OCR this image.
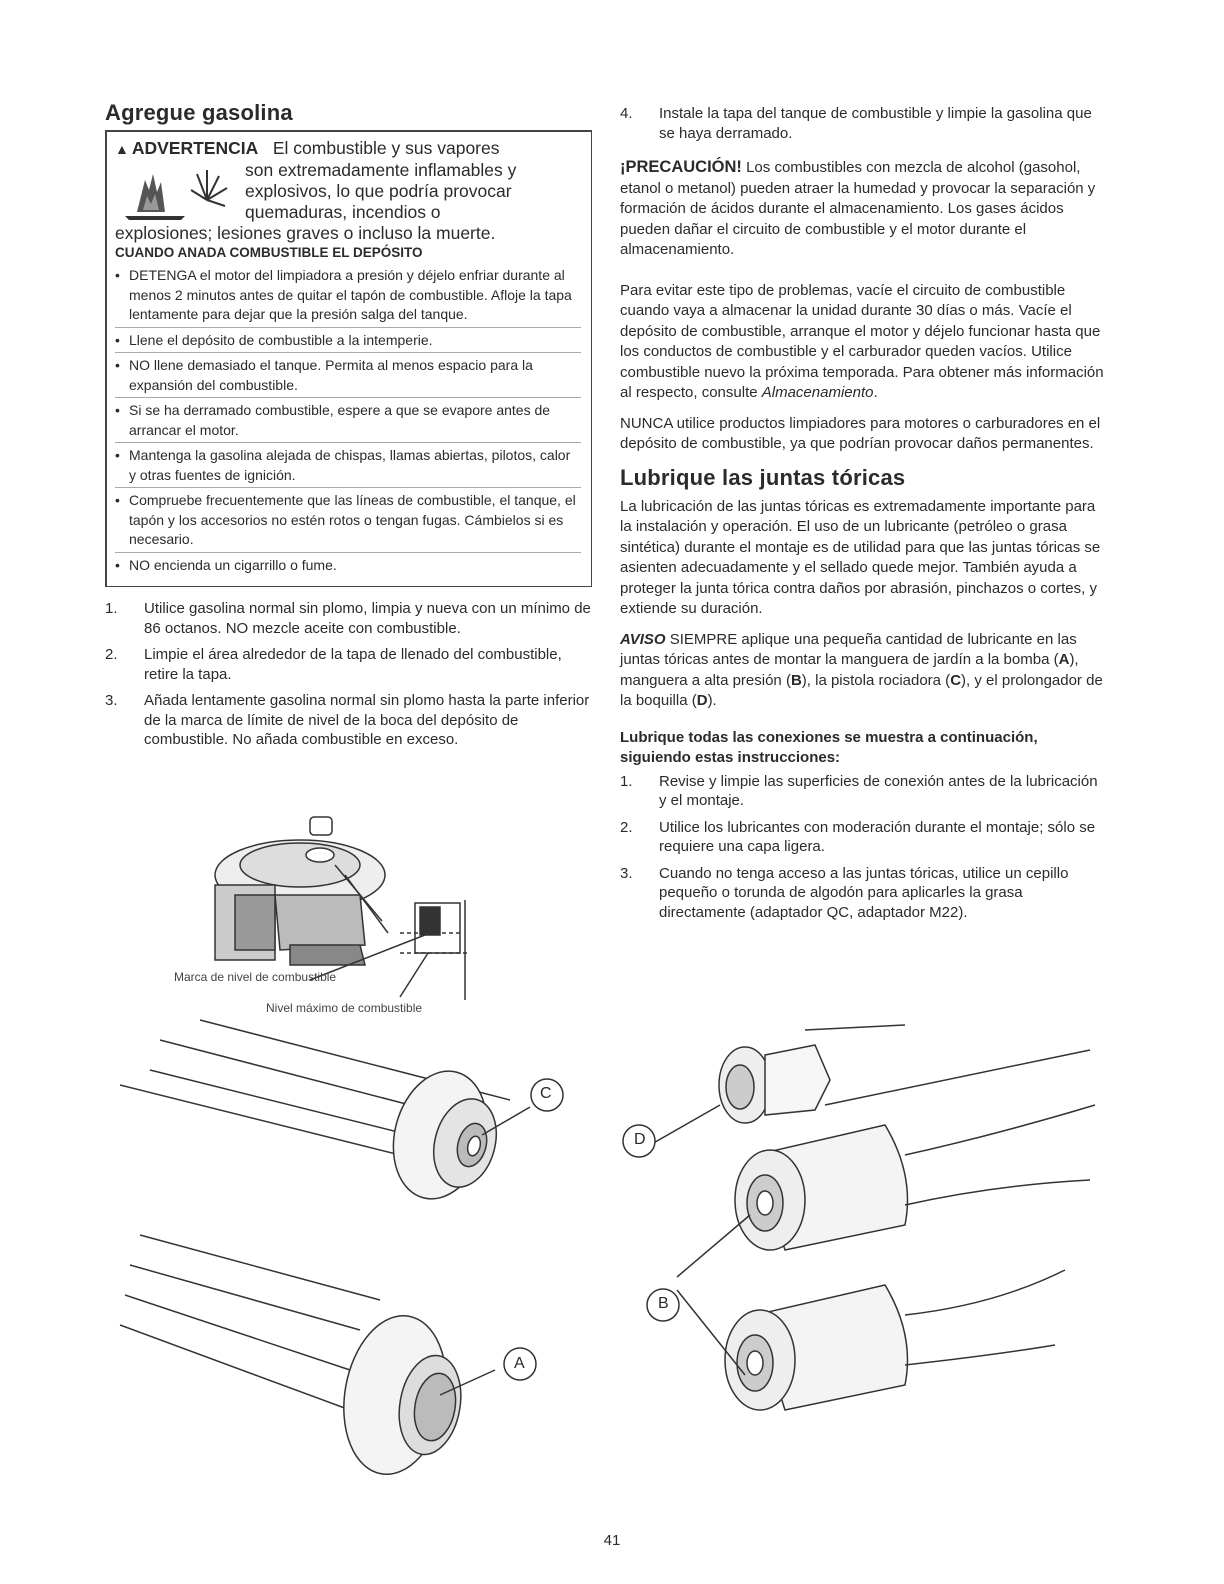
Agregue gasolina
▲ ADVERTENCIA El combustible y sus vapores
son extremadamente inflamables y
explosivos, lo que podría provocar
quemaduras, incendios o
explosiones; lesiones graves o incluso la muerte.
CUANDO ANADA COMBUSTIBLE EL DEPÓSITO
• DETENGA el motor del limpiadora a presión y déjelo enfriar durante al menos 2 minutos antes de quitar el tapón de combustible. Afloje la tapa lentamente para dejar que la presión salga del tanque.
• Llene el depósito de combustible a la intemperie.
• NO llene demasiado el tanque. Permita al menos espacio para la expansión del combustible.
• Si se ha derramado combustible, espere a que se evapore antes de arrancar el motor.
• Mantenga la gasolina alejada de chispas, llamas abiertas, pilotos, calor y otras fuentes de ignición.
• Compruebe frecuentemente que las líneas de combustible, el tanque, el tapón y los accesorios no estén rotos o tengan fugas. Cámbielos si es necesario.
• NO encienda un cigarrillo o fume.
1. Utilice gasolina normal sin plomo, limpia y nueva con un mínimo de 86 octanos. NO mezcle aceite con combustible.
2. Limpie el área alrededor de la tapa de llenado del combustible, retire la tapa.
3. Añada lentamente gasolina normal sin plomo hasta la parte inferior de la marca de límite de nivel de la boca del depósito de combustible. No añada combustible en exceso.
Marca de nivel de combustible
Nivel máximo de combustible
4. Instale la tapa del tanque de combustible y limpie la gasolina que se haya derramado.

¡PRECAUCIÓN! Los combustibles con mezcla de alcohol (gasohol, etanol o metanol) pueden atraer la humedad y provocar la separación y formación de ácidos durante el almacenamiento. Los gases ácidos pueden dañar el circuito de combustible y el motor durante el almacenamiento.

Para evitar este tipo de problemas, vacíe el circuito de combustible cuando vaya a almacenar la unidad durante 30 días o más. Vacíe el depósito de combustible, arranque el motor y déjelo funcionar hasta que los conductos de combustible y el carburador queden vacíos. Utilice combustible nuevo la próxima temporada. Para obtener más información al respecto, consulte Almacenamiento.

NUNCA utilice productos limpiadores para motores o carburadores en el depósito de combustible, ya que podrían provocar daños permanentes.

Lubrique las juntas tóricas

La lubricación de las juntas tóricas es extremadamente importante para la instalación y operación. El uso de un lubricante (petróleo o grasa sintética) durante el montaje es de utilidad para que las juntas tóricas se asienten adecuadamente y el sellado quede mejor. También ayuda a proteger la junta tórica contra daños por abrasión, pinchazos o cortes, y extiende su duración.

AVISO SIEMPRE aplique una pequeña cantidad de lubricante en las juntas tóricas antes de montar la manguera de jardín a la bomba (A), manguera a alta presión (B), la pistola rociadora (C), y el prolongador de la boquilla (D).

Lubrique todas las conexiones se muestra a continuación, siguiendo estas instrucciones:
1. Revise y limpie las superficies de conexión antes de la lubricación y el montaje.
2. Utilice los lubricantes con moderación durante el montaje; sólo se requiere una capa ligera.
3. Cuando no tenga acceso a las juntas tóricas, utilice un cepillo pequeño o torunda de algodón para aplicarles la grasa directamente (adaptador QC, adaptador M22).
C
A
D
B
41
